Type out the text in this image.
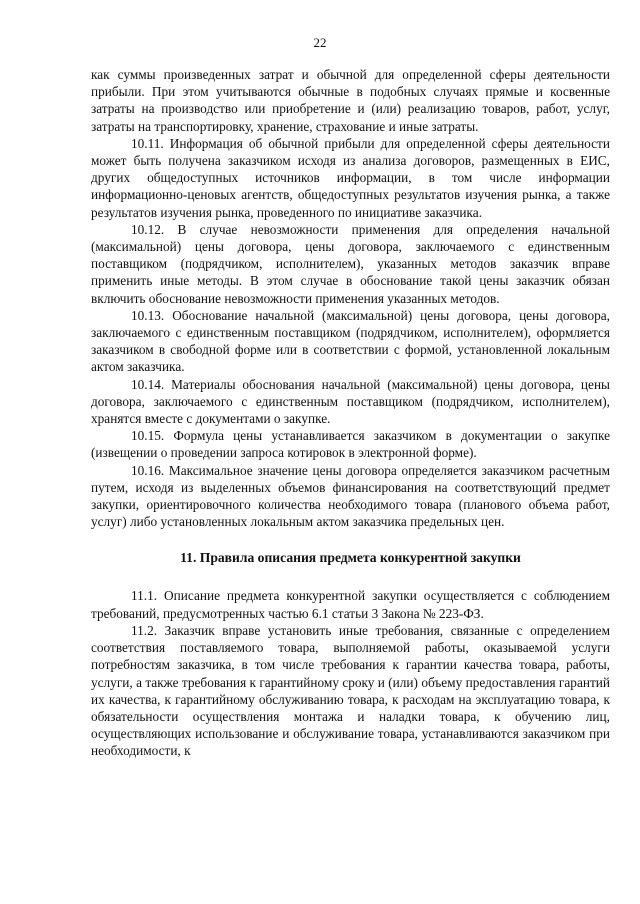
22

как суммы произведенных затрат и обычной для определенной сферы деятельности прибыли. При этом учитываются обычные в подобных случаях прямые и косвенные затраты на производство или приобретение и (или) реализацию товаров, работ, услуг, затраты на транспортировку, хранение, страхование и иные затраты.

10.11. Информация об обычной прибыли для определенной сферы деятельности может быть получена заказчиком исходя из анализа договоров, размещенных в ЕИС, других общедоступных источников информации, в том числе информации информационно-ценовых агентств, общедоступных результатов изучения рынка, а также результатов изучения рынка, проведенного по инициативе заказчика.

10.12. В случае невозможности применения для определения начальной (максимальной) цены договора, цены договора, заключаемого с единственным поставщиком (подрядчиком, исполнителем), указанных методов заказчик вправе применить иные методы. В этом случае в обоснование такой цены заказчик обязан включить обоснование невозможности применения указанных методов.

10.13. Обоснование начальной (максимальной) цены договора, цены договора, заключаемого с единственным поставщиком (подрядчиком, исполнителем), оформляется заказчиком в свободной форме или в соответствии с формой, установленной локальным актом заказчика.

10.14. Материалы обоснования начальной (максимальной) цены договора, цены договора, заключаемого с единственным поставщиком (подрядчиком, исполнителем), хранятся вместе с документами о закупке.

10.15. Формула цены устанавливается заказчиком в документации о закупке (извещении о проведении запроса котировок в электронной форме).

10.16. Максимальное значение цены договора определяется заказчиком расчетным путем, исходя из выделенных объемов финансирования на соответствующий предмет закупки, ориентировочного количества необходимого товара (планового объема работ, услуг) либо установленных локальным актом заказчика предельных цен.

11. Правила описания предмета конкурентной закупки

11.1. Описание предмета конкурентной закупки осуществляется с соблюдением требований, предусмотренных частью 6.1 статьи 3 Закона № 223-ФЗ.

11.2. Заказчик вправе установить иные требования, связанные с определением соответствия поставляемого товара, выполняемой работы, оказываемой услуги потребностям заказчика, в том числе требования к гарантии качества товара, работы, услуги, а также требования к гарантийному сроку и (или) объему предоставления гарантий их качества, к гарантийному обслуживанию товара, к расходам на эксплуатацию товара, к обязательности осуществления монтажа и наладки товара, к обучению лиц, осуществляющих использование и обслуживание товара, устанавливаются заказчиком при необходимости, к
